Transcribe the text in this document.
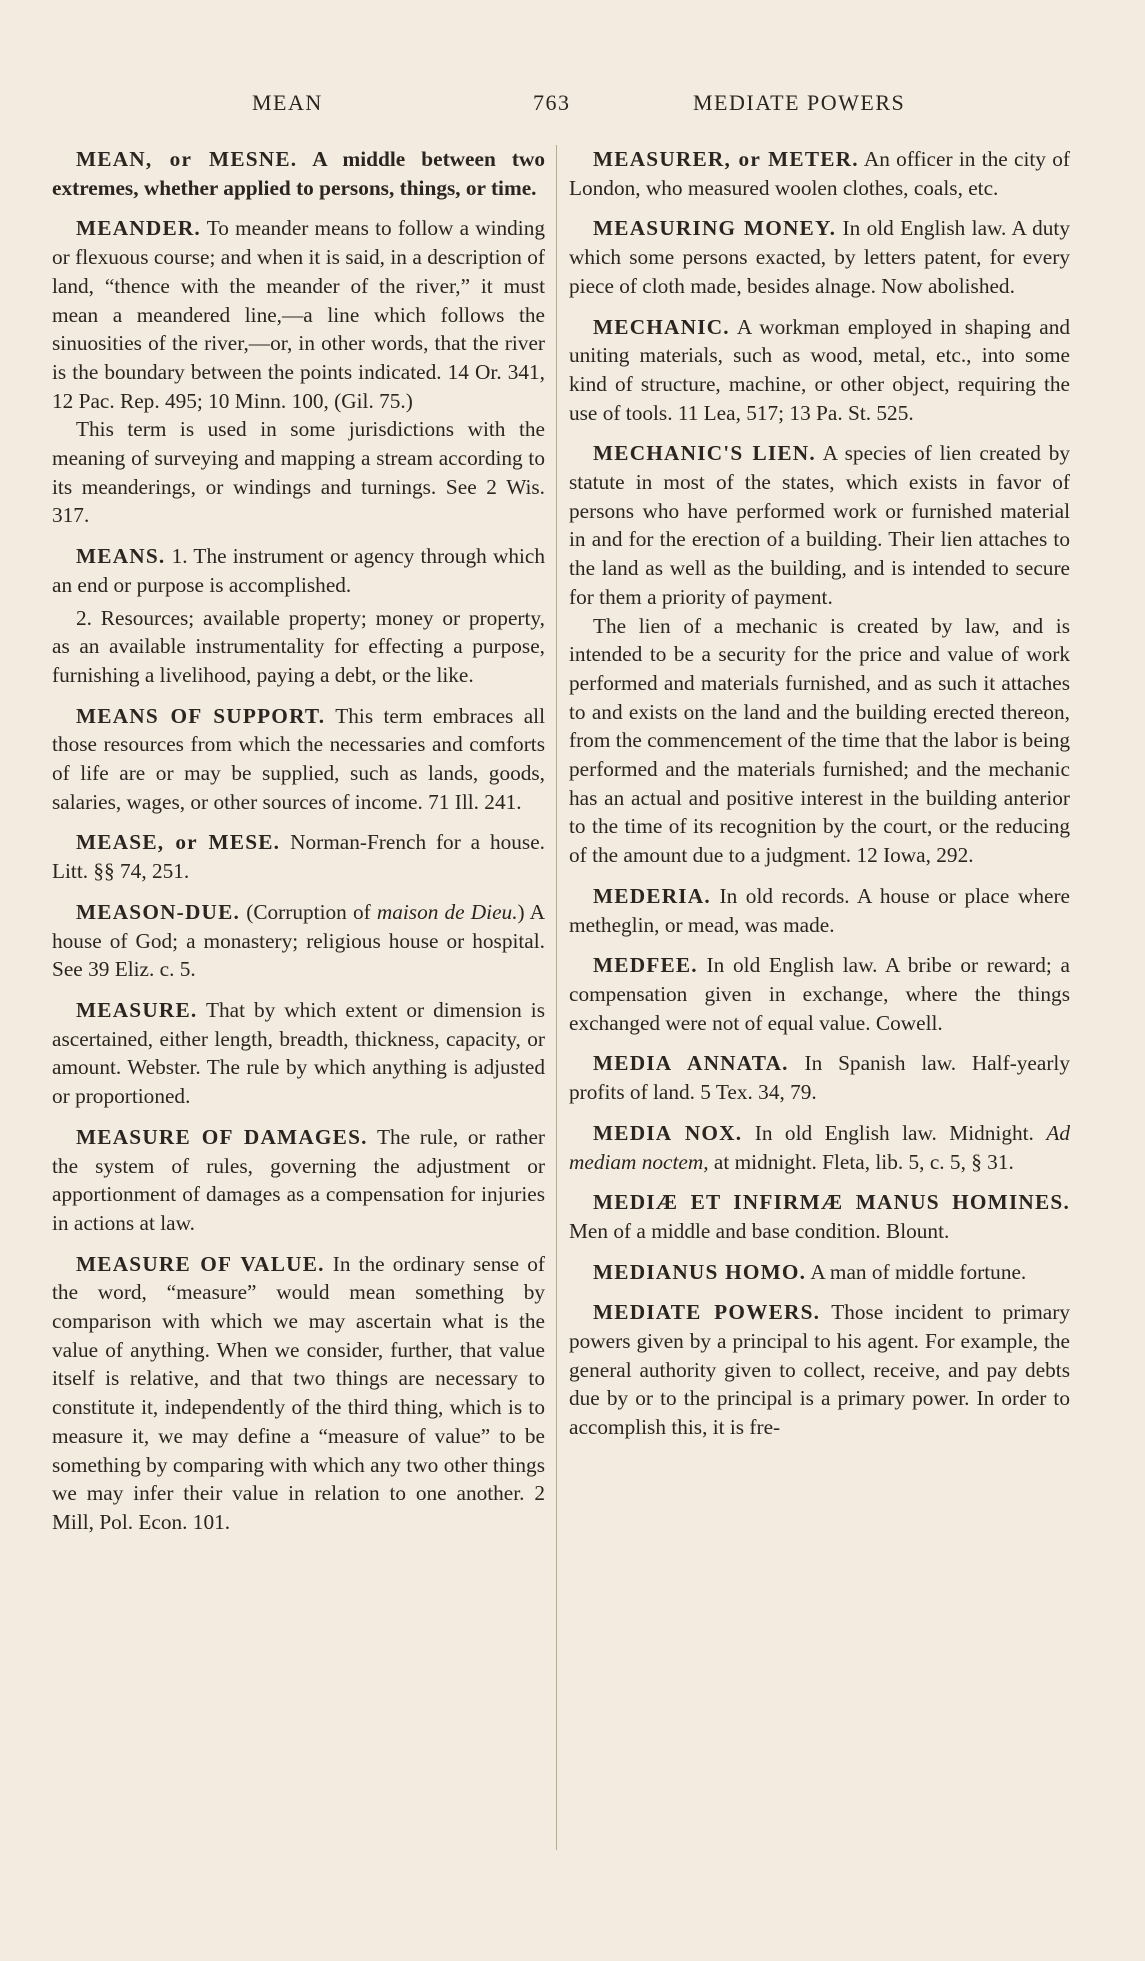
MEAN	763	MEDIATE POWERS

MEAN, or MESNE. A middle between two extremes, whether applied to persons, things, or time.

MEANDER. To meander means to follow a winding or flexuous course; and when it is said, in a description of land, “thence with the meander of the river,” it must mean a meandered line,—a line which follows the sinuosities of the river,—or, in other words, that the river is the boundary between the points indicated. 14 Or. 341, 12 Pac. Rep. 495; 10 Minn. 100, (Gil. 75.)

This term is used in some jurisdictions with the meaning of surveying and mapping a stream according to its meanderings, or windings and turnings. See 2 Wis. 317.

MEANS. 1. The instrument or agency through which an end or purpose is accomplished.

2. Resources; available property; money or property, as an available instrumentality for effecting a purpose, furnishing a livelihood, paying a debt, or the like.

MEANS OF SUPPORT. This term embraces all those resources from which the necessaries and comforts of life are or may be supplied, such as lands, goods, salaries, wages, or other sources of income. 71 Ill. 241.

MEASE, or MESE. Norman-French for a house. Litt. §§ 74, 251.

MEASON-DUE. (Corruption of maison de Dieu.) A house of God; a monastery; religious house or hospital. See 39 Eliz. c. 5.

MEASURE. That by which extent or dimension is ascertained, either length, breadth, thickness, capacity, or amount. Webster. The rule by which anything is adjusted or proportioned.

MEASURE OF DAMAGES. The rule, or rather the system of rules, governing the adjustment or apportionment of damages as a compensation for injuries in actions at law.

MEASURE OF VALUE. In the ordinary sense of the word, “measure” would mean something by comparison with which we may ascertain what is the value of anything. When we consider, further, that value itself is relative, and that two things are necessary to constitute it, independently of the third thing, which is to measure it, we may define a “measure of value” to be something by comparing with which any two other things we may infer their value in relation to one another. 2 Mill, Pol. Econ. 101.

MEASURER, or METER. An officer in the city of London, who measured woolen clothes, coals, etc.

MEASURING MONEY. In old English law. A duty which some persons exacted, by letters patent, for every piece of cloth made, besides alnage. Now abolished.

MECHANIC. A workman employed in shaping and uniting materials, such as wood, metal, etc., into some kind of structure, machine, or other object, requiring the use of tools. 11 Lea, 517; 13 Pa. St. 525.

MECHANIC'S LIEN. A species of lien created by statute in most of the states, which exists in favor of persons who have performed work or furnished material in and for the erection of a building. Their lien attaches to the land as well as the building, and is intended to secure for them a priority of payment.

The lien of a mechanic is created by law, and is intended to be a security for the price and value of work performed and materials furnished, and as such it attaches to and exists on the land and the building erected thereon, from the commencement of the time that the labor is being performed and the materials furnished; and the mechanic has an actual and positive interest in the building anterior to the time of its recognition by the court, or the reducing of the amount due to a judgment. 12 Iowa, 292.

MEDERIA. In old records. A house or place where metheglin, or mead, was made.

MEDFEE. In old English law. A bribe or reward; a compensation given in exchange, where the things exchanged were not of equal value. Cowell.

MEDIA ANNATA. In Spanish law. Half-yearly profits of land. 5 Tex. 34, 79.

MEDIA NOX. In old English law. Midnight. Ad mediam noctem, at midnight. Fleta, lib. 5, c. 5, § 31.

MEDIÆ ET INFIRMÆ MANUS HOMINES. Men of a middle and base condition. Blount.

MEDIANUS HOMO. A man of middle fortune.

MEDIATE POWERS. Those incident to primary powers given by a principal to his agent. For example, the general authority given to collect, receive, and pay debts due by or to the principal is a primary power. In order to accomplish this, it is fre-
